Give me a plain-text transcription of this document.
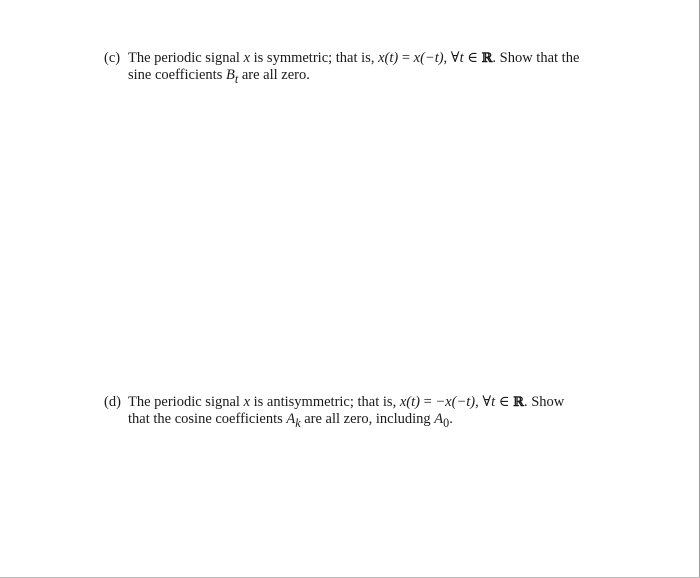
(c) The periodic signal x is symmetric; that is, x(t) = x(−t), ∀t ∈ ℝ. Show that the
sine coefficients $B_t$ are all zero.
(d) The periodic signal x is antisymmetric; that is, x(t) = −x(−t), ∀t ∈ ℝ. Show
that the cosine coefficients $A_k$ are all zero, including $A_0$.
